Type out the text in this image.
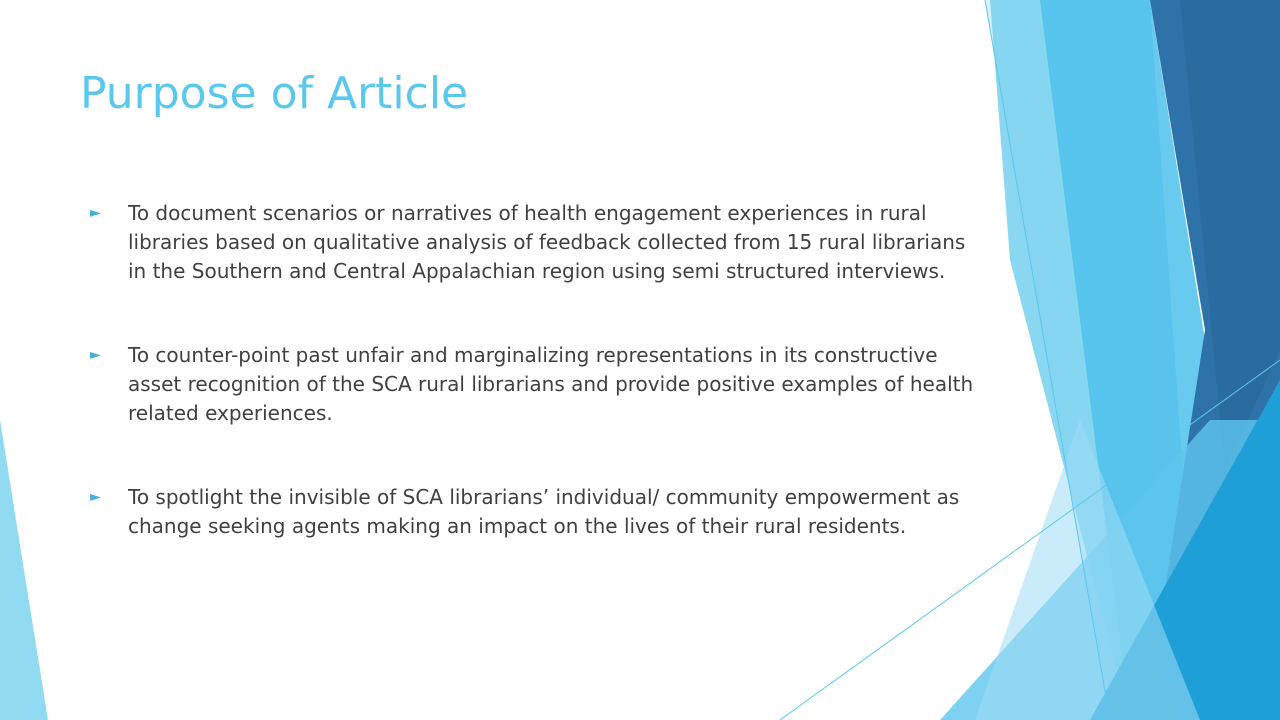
Purpose of Article
► To document scenarios or narratives of health engagement experiences in rural libraries based on qualitative analysis of feedback collected from 15 rural librarians in the Southern and Central Appalachian region using semi structured interviews.
► To counter-point past unfair and marginalizing representations in its constructive asset recognition of the SCA rural librarians and provide positive examples of health related experiences.
► To spotlight the invisible of SCA librarians’ individual/ community empowerment as change seeking agents making an impact on the lives of their rural residents.
